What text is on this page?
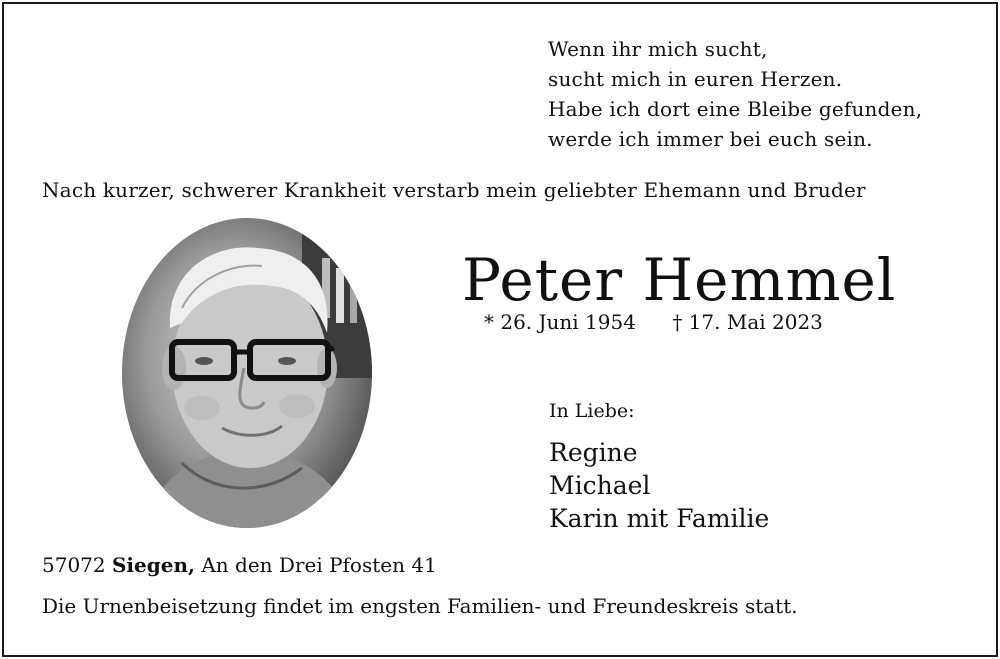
Wenn ihr mich sucht,
sucht mich in euren Herzen.
Habe ich dort eine Bleibe gefunden,
werde ich immer bei euch sein.
Nach kurzer, schwerer Krankheit verstarb mein geliebter Ehemann und Bruder
Peter Hemmel
* 26. Juni 1954 † 17. Mai 2023
In Liebe:
Regine
Michael
Karin mit Familie
57072 Siegen, An den Drei Pfosten 41
Die Urnenbeisetzung findet im engsten Familien- und Freundeskreis statt.
